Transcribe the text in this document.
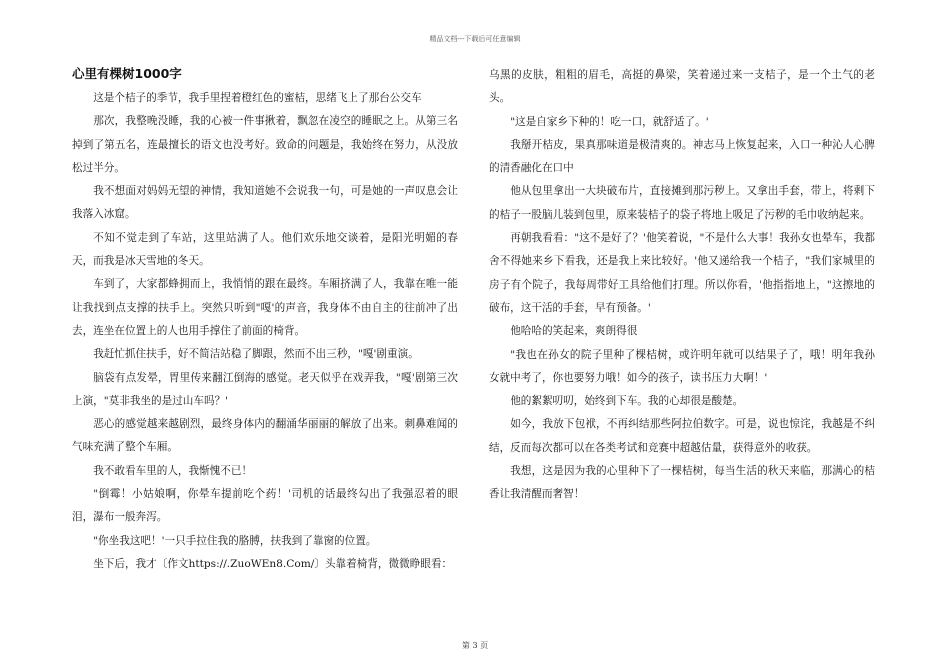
精品文档---下载后可任意编辑
心里有棵树1000字

这是个桔子的季节，我手里捏着橙红色的蜜桔，思绪飞上了那台公交车

那次，我整晚没睡，我的心被一件事揪着，飘忽在凌空的睡眠之上。从第三名掉到了第五名，连最擅长的语文也没考好。致命的问题是，我始终在努力，从没放松过半分。

我不想面对妈妈无望的神情，我知道她不会说我一句，可是她的一声叹息会让我落入冰窟。

不知不觉走到了车站，这里站满了人。他们欢乐地交谈着，是阳光明媚的春天，而我是冰天雪地的冬天。

车到了，大家都蜂拥而上，我悄悄的跟在最终。车厢挤满了人，我靠在唯一能让我找到点支撑的扶手上。突然只听到"嘎'的声音，我身体不由自主的往前冲了出去，连坐在位置上的人也用手撑住了前面的椅背。

我赶忙抓住扶手，好不简洁站稳了脚跟，然而不出三秒，"嘎'剧重演。

脑袋有点发晕，胃里传来翻江倒海的感觉。老天似乎在戏弄我，"嘎'剧第三次上演，"莫非我坐的是过山车吗？'

恶心的感觉越来越剧烈，最终身体内的翻涌华丽丽的解放了出来。刺鼻难闻的气味充满了整个车厢。

我不敢看车里的人，我惭愧不已！

"倒霉！小姑娘啊，你晕车提前吃个药！'司机的话最终勾出了我强忍着的眼泪，瀑布一般奔泻。

"你坐我这吧！'一只手拉住我的胳膊，扶我到了靠窗的位置。

坐下后，我才〔作文https://.ZuoWEn8.Com/〕头靠着椅背，微微睁眼看：

乌黑的皮肤，粗粗的眉毛，高挺的鼻梁，笑着递过来一支桔子，是一个土气的老头。

"这是自家乡下种的！吃一口，就舒适了。'

我掰开桔皮，果真那味道是极清爽的。神志马上恢复起来，入口一种沁人心脾的清香融化在口中

他从包里拿出一大块破布片，直接摊到那污秽上。又拿出手套，带上，将剩下的桔子一股脑儿装到包里，原来装桔子的袋子将地上吸足了污秽的毛巾收纳起来。

再朝我看看："这不是好了？'他笑着说，"不是什么大事！我孙女也晕车，我都舍不得她来乡下看我，还是我上来比较好。'他又递给我一个桔子，"我们家城里的房子有个院子，我每周带好工具给他们打理。所以你看，'他指指地上，"这擦地的破布，这干活的手套，早有预备。'

他哈哈的笑起来，爽朗得很

"我也在孙女的院子里种了棵桔树，或许明年就可以结果子了，哦！明年我孙女就中考了，你也要努力哦！如今的孩子，读书压力大啊！'

他的絮絮叨叨，始终到下车。我的心却很是酸楚。

如今，我放下包袱，不再纠结那些阿拉伯数字。可是，说也惊诧，我越是不纠结，反而每次都可以在各类考试和竞赛中超越估量，获得意外的收获。

我想，这是因为我的心里种下了一棵桔树，每当生活的秋天来临，那满心的桔香让我清醒而奢智！

第 3 页
